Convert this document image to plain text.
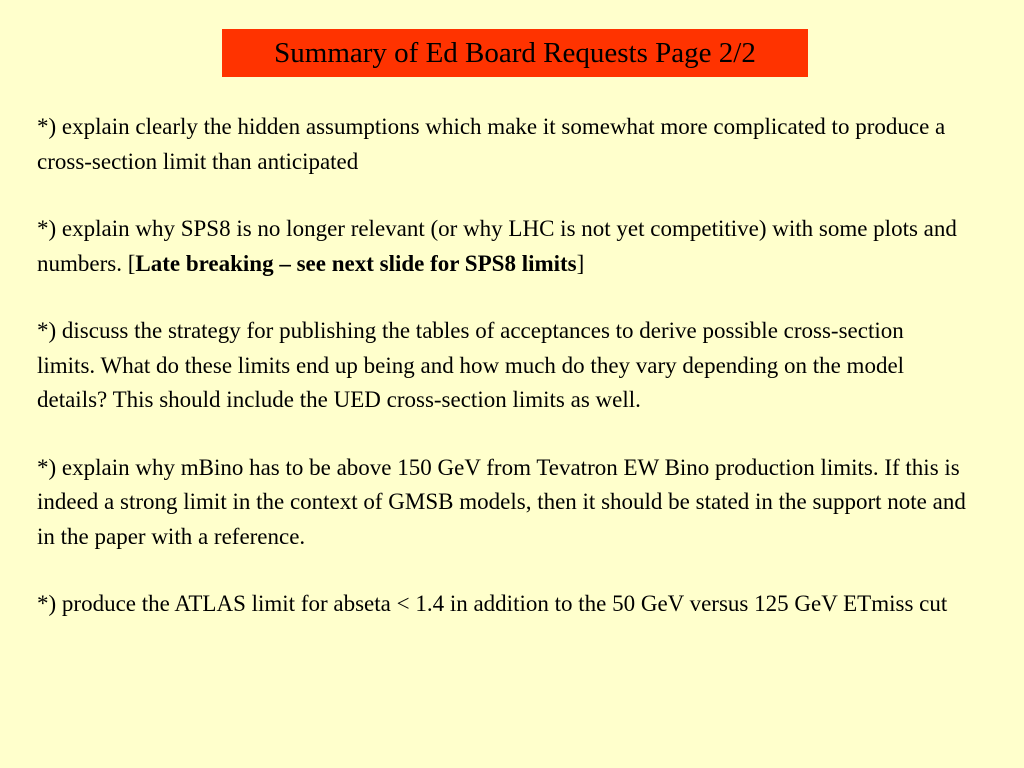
Summary of Ed Board Requests Page 2/2

*) explain clearly the hidden assumptions which make it somewhat more complicated to produce a cross-section limit than anticipated

*) explain why SPS8 is no longer relevant (or why LHC is not yet competitive) with some plots and numbers. [Late breaking – see next slide for SPS8 limits]

*) discuss the strategy for publishing the tables of acceptances to derive possible cross-section limits. What do these limits end up being and how much do they vary depending on the model details? This should include the UED cross-section limits as well.

*) explain why mBino has to be above 150 GeV from Tevatron EW Bino production limits. If this is indeed a strong limit in the context of GMSB models, then it should be stated in the support note and in the paper with a reference.

*) produce the ATLAS limit for abseta < 1.4 in addition to the 50 GeV versus 125 GeV ETmiss cut
